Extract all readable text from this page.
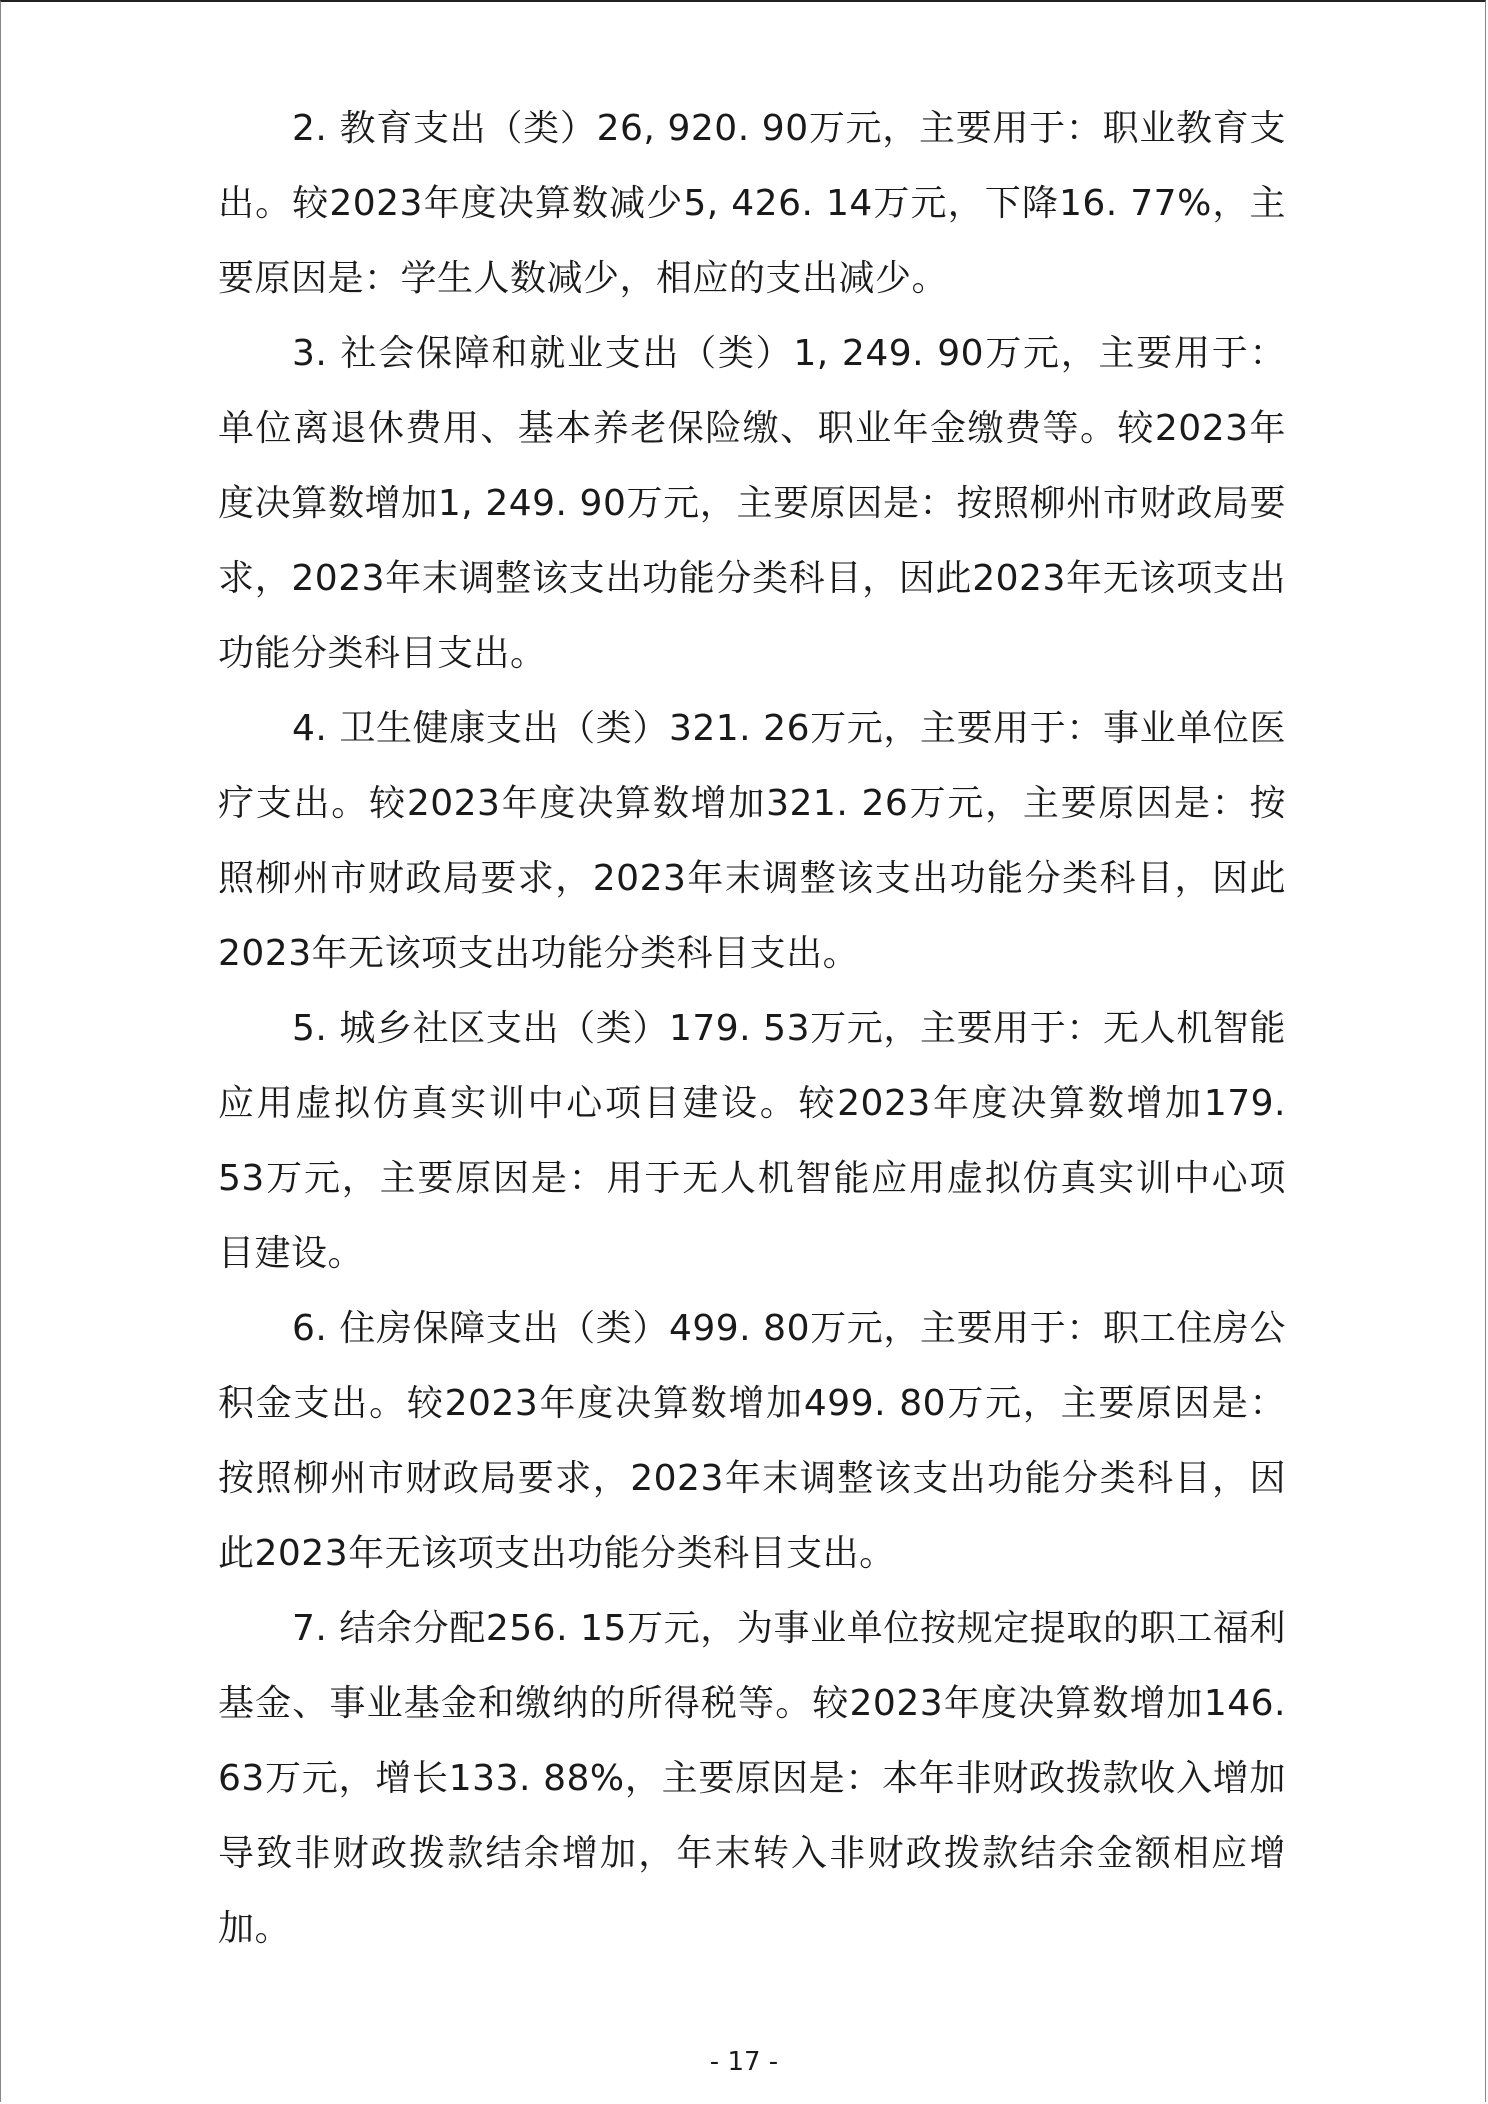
2. 教育支出（类）26, 920. 90万元，主要用于：职业教育支出。较2023年度决算数减少5, 426. 14万元，下降16. 77%，主要原因是：学生人数减少，相应的支出减少。

3. 社会保障和就业支出（类）1, 249. 90万元，主要用于：单位离退休费用、基本养老保险缴、职业年金缴费等。较2023年度决算数增加1, 249. 90万元，主要原因是：按照柳州市财政局要求，2023年末调整该支出功能分类科目，因此2023年无该项支出功能分类科目支出。

4. 卫生健康支出（类）321. 26万元，主要用于：事业单位医疗支出。较2023年度决算数增加321. 26万元，主要原因是：按照柳州市财政局要求，2023年末调整该支出功能分类科目，因此2023年无该项支出功能分类科目支出。

5. 城乡社区支出（类）179. 53万元，主要用于：无人机智能应用虚拟仿真实训中心项目建设。较2023年度决算数增加179. 53万元，主要原因是：用于无人机智能应用虚拟仿真实训中心项目建设。

6. 住房保障支出（类）499. 80万元，主要用于：职工住房公积金支出。较2023年度决算数增加499. 80万元，主要原因是：按照柳州市财政局要求，2023年末调整该支出功能分类科目，因此2023年无该项支出功能分类科目支出。

7. 结余分配256. 15万元，为事业单位按规定提取的职工福利基金、事业基金和缴纳的所得税等。较2023年度决算数增加146. 63万元，增长133. 88%，主要原因是：本年非财政拨款收入增加导致非财政拨款结余增加，年末转入非财政拨款结余金额相应增加。

- 17 -
